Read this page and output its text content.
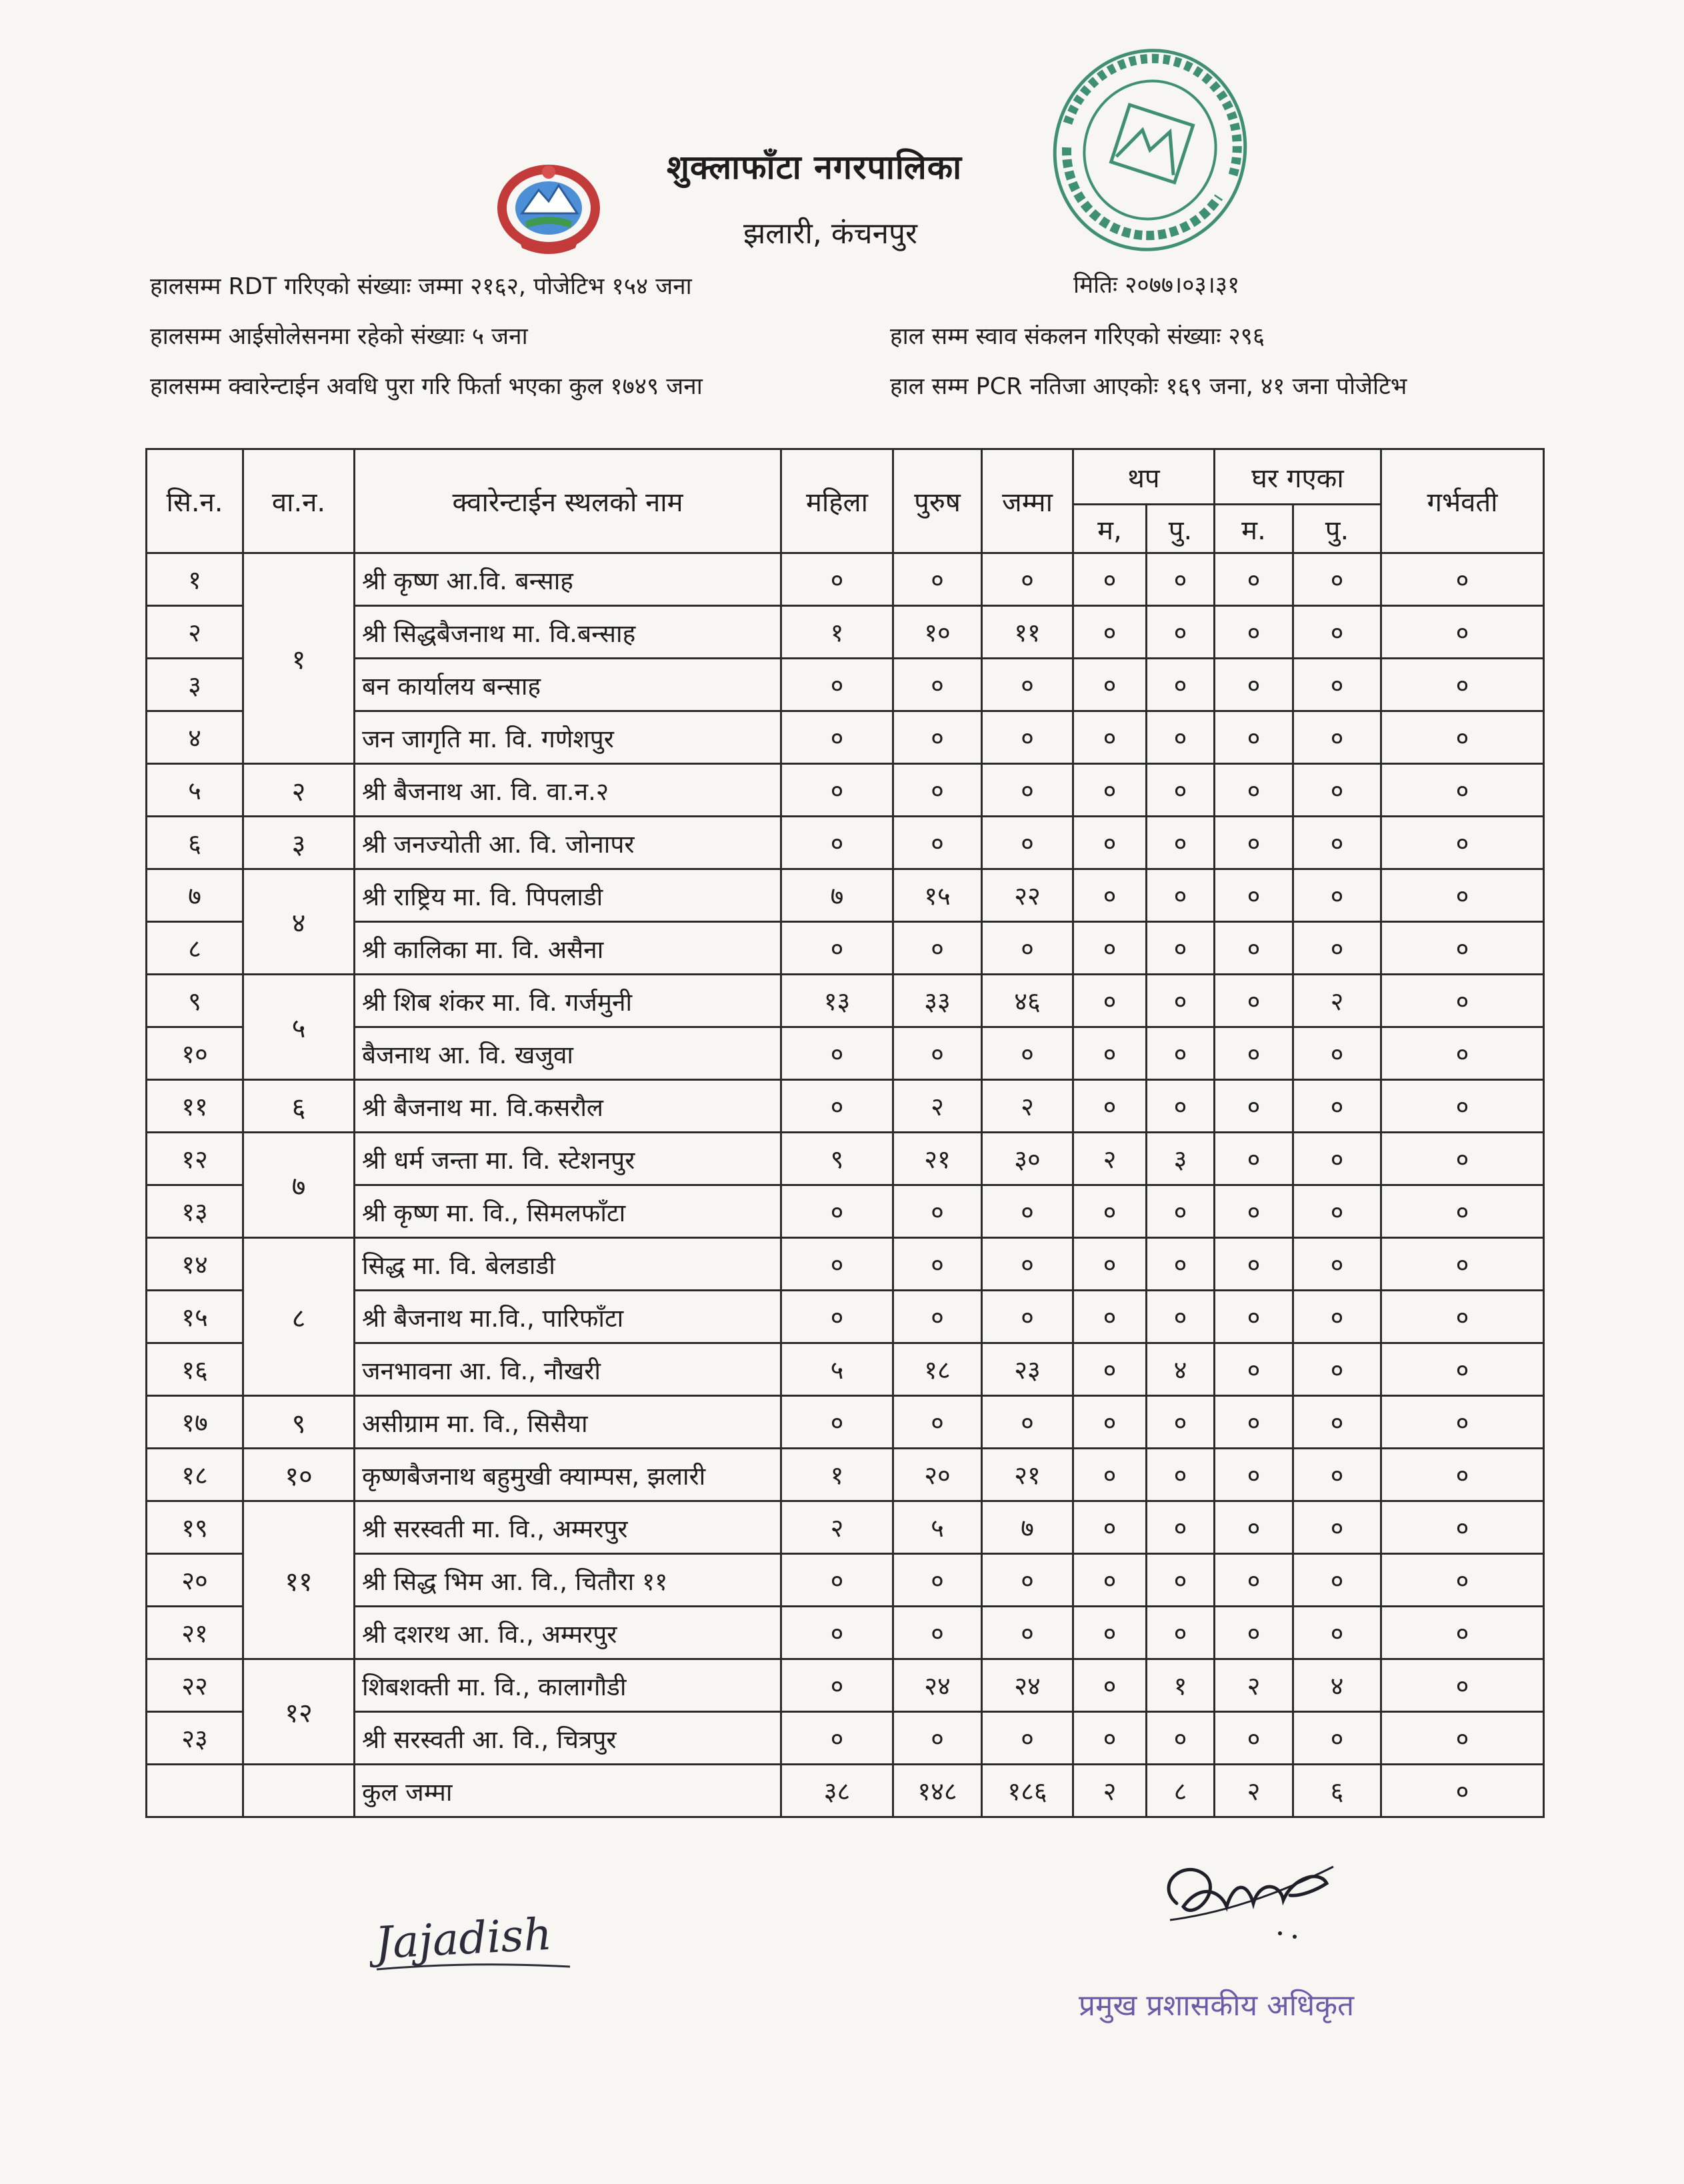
शुक्लाफाँटा नगरपालिका
झलारी, कंचनपुर
हालसम्म RDT गरिएको संख्याः जम्मा २१६२, पोजेटिभ १५४ जना
हालसम्म आईसोलेसनमा रहेको संख्याः ५ जना
हालसम्म क्वारेन्टाईन अवधि पुरा गरि फिर्ता भएका कुल १७४९ जना
मितिः २०७७।०३।३१
हाल सम्म स्वाव संकलन गरिएको संख्याः २९६
हाल सम्म PCR नतिजा आएकोः १६९ जना, ४१ जना पोजेटिभ
सि.न.	वा.न.	क्वारेन्टाईन स्थलको नाम	महिला	पुरुष	जम्मा	थप		घर गएका		गर्भवती
						म,	पु.	म.	पु.	
१	१	श्री कृष्ण आ.वि. बन्साह	०	०	०	०	०	०	०	०
२		श्री सिद्धबैजनाथ मा. वि.बन्साह	१	१०	११	०	०	०	०	०
३		बन कार्यालय बन्साह	०	०	०	०	०	०	०	०
४		जन जागृति मा. वि. गणेशपुर	०	०	०	०	०	०	०	०
५	२	श्री बैजनाथ आ. वि. वा.न.२	०	०	०	०	०	०	०	०
६	३	श्री जनज्योती आ. वि. जोनापर	०	०	०	०	०	०	०	०
७	४	श्री राष्ट्रिय मा. वि. पिपलाडी	७	१५	२२	०	०	०	०	०
८		श्री कालिका मा. वि. असैना	०	०	०	०	०	०	०	०
९	५	श्री शिब शंकर मा. वि. गर्जमुनी	१३	३३	४६	०	०	०	२	०
१०		बैजनाथ आ. वि. खजुवा	०	०	०	०	०	०	०	०
११	६	श्री बैजनाथ मा. वि.कसरौल	०	२	२	०	०	०	०	०
१२	७	श्री धर्म जन्ता मा. वि. स्टेशनपुर	९	२१	३०	२	३	०	०	०
१३		श्री कृष्ण मा. वि., सिमलफाँटा	०	०	०	०	०	०	०	०
१४	८	सिद्ध मा. वि. बेलडाडी	०	०	०	०	०	०	०	०
१५		श्री बैजनाथ मा.वि., पारिफाँटा	०	०	०	०	०	०	०	०
१६		जनभावना आ. वि., नौखरी	५	१८	२३	०	४	०	०	०
१७	९	असीग्राम मा. वि., सिसैया	०	०	०	०	०	०	०	०
१८	१०	कृष्णबैजनाथ बहुमुखी क्याम्पस, झलारी	१	२०	२१	०	०	०	०	०
१९	११	श्री सरस्वती मा. वि., अम्मरपुर	२	५	७	०	०	०	०	०
२०		श्री सिद्ध भिम आ. वि., चितौरा ११	०	०	०	०	०	०	०	०
२१		श्री दशरथ आ. वि., अम्मरपुर	०	०	०	०	०	०	०	०
२२	१२	शिबशक्ती मा. वि., कालागौडी	०	२४	२४	०	१	२	४	०
२३		श्री सरस्वती आ. वि., चित्रपुर	०	०	०	०	०	०	०	०
		कुल जम्मा	३८	१४८	१८६	२	८	२	६	०
Jajadish
प्रमुख प्रशासकीय अधिकृत
